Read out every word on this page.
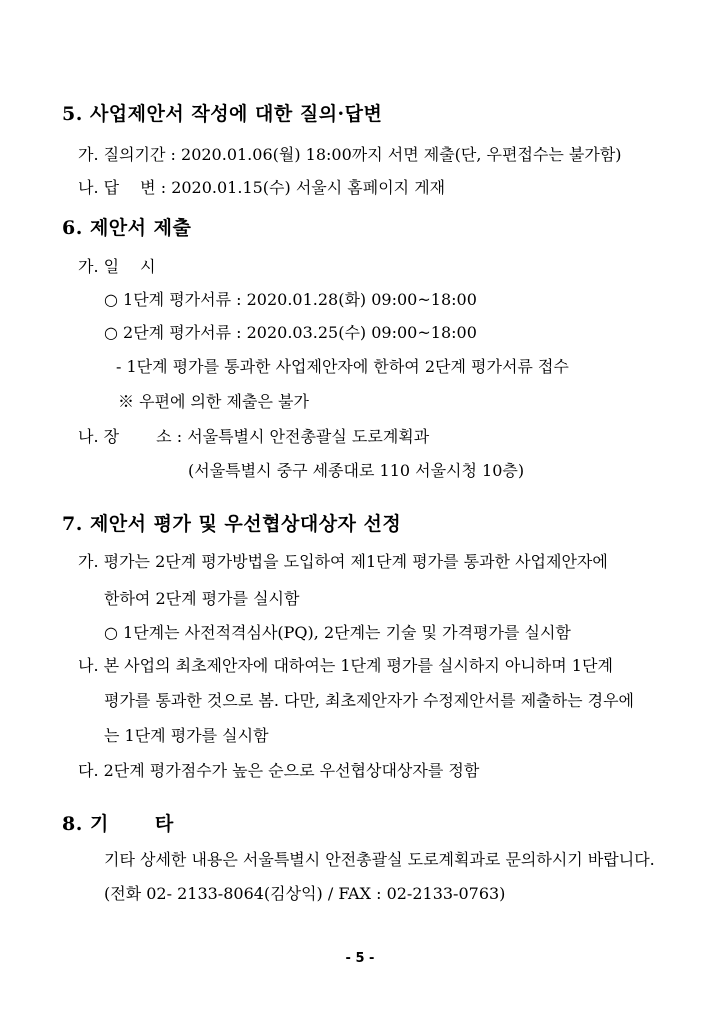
5. 사업제안서 작성에 대한 질의·답변
가. 질의기간 : 2020.01.06(월) 18:00까지 서면 제출(단, 우편접수는 불가함)
나. 답　 변 : 2020.01.15(수) 서울시 홈페이지 게재
6. 제안서 제출
가. 일　 시
○ 1단계 평가서류 : 2020.01.28(화) 09:00~18:00
○ 2단계 평가서류 : 2020.03.25(수) 09:00~18:00
- 1단계 평가를 통과한 사업제안자에 한하여 2단계 평가서류 접수
※ 우편에 의한 제출은 불가
나. 장　　 소 : 서울특별시 안전총괄실 도로계획과
(서울특별시 중구 세종대로 110 서울시청 10층)
7. 제안서 평가 및 우선협상대상자 선정
가. 평가는 2단계 평가방법을 도입하여 제1단계 평가를 통과한 사업제안자에
한하여 2단계 평가를 실시함
○ 1단계는 사전적격심사(PQ), 2단계는 기술 및 가격평가를 실시함
나. 본 사업의 최초제안자에 대하여는 1단계 평가를 실시하지 아니하며 1단계
평가를 통과한 것으로 봄. 다만, 최초제안자가 수정제안서를 제출하는 경우에
는 1단계 평가를 실시함
다. 2단계 평가점수가 높은 순으로 우선협상대상자를 정함
8. 기　　 타
기타 상세한 내용은 서울특별시 안전총괄실 도로계획과로 문의하시기 바랍니다.
(전화 02- 2133-8064(김상익) / FAX : 02-2133-0763)
- 5 -
